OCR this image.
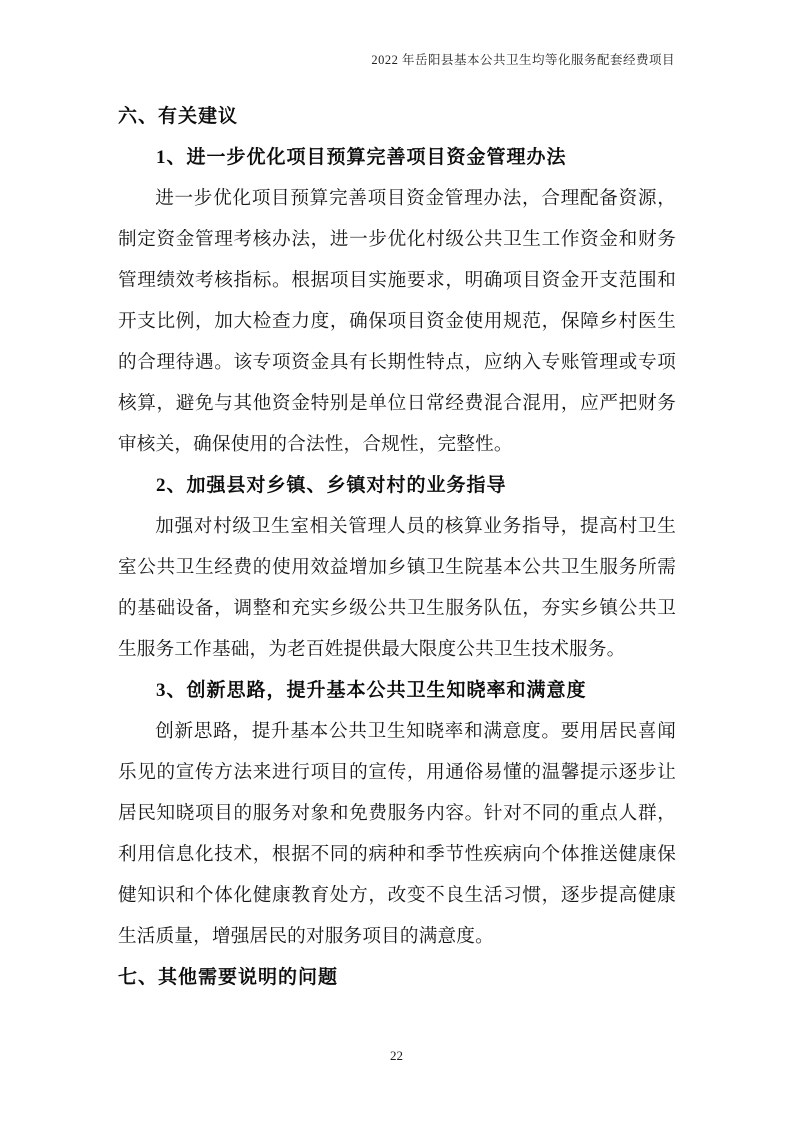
2022 年岳阳县基本公共卫生均等化服务配套经费项目
六、有关建议
1、进一步优化项目预算完善项目资金管理办法

进一步优化项目预算完善项目资金管理办法，合理配备资源，制定资金管理考核办法，进一步优化村级公共卫生工作资金和财务管理绩效考核指标。根据项目实施要求，明确项目资金开支范围和开支比例，加大检查力度，确保项目资金使用规范，保障乡村医生的合理待遇。该专项资金具有长期性特点，应纳入专账管理或专项核算，避免与其他资金特别是单位日常经费混合混用，应严把财务审核关，确保使用的合法性，合规性，完整性。

2、加强县对乡镇、乡镇对村的业务指导

加强对村级卫生室相关管理人员的核算业务指导，提高村卫生室公共卫生经费的使用效益增加乡镇卫生院基本公共卫生服务所需的基础设备，调整和充实乡级公共卫生服务队伍，夯实乡镇公共卫生服务工作基础，为老百姓提供最大限度公共卫生技术服务。

3、创新思路，提升基本公共卫生知晓率和满意度

创新思路，提升基本公共卫生知晓率和满意度。要用居民喜闻乐见的宣传方法来进行项目的宣传，用通俗易懂的温馨提示逐步让居民知晓项目的服务对象和免费服务内容。针对不同的重点人群，利用信息化技术，根据不同的病种和季节性疾病向个体推送健康保健知识和个体化健康教育处方，改变不良生活习惯，逐步提高健康生活质量，增强居民的对服务项目的满意度。

七、其他需要说明的问题
22
